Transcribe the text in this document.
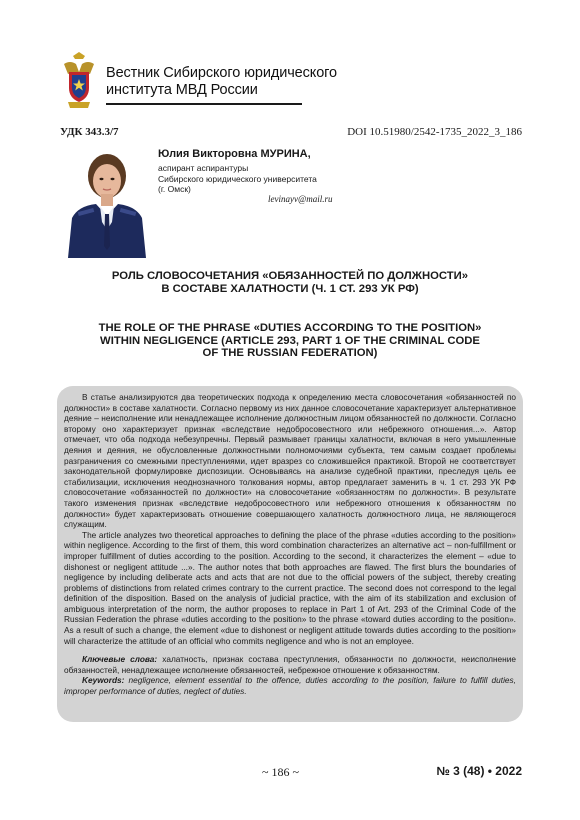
Вестник Сибирского юридического
института МВД России
УДК 343.3/7	DOI 10.51980/2542-1735_2022_3_186
Юлия Викторовна МУРИНА,
аспирант аспирантуры
Сибирского юридического университета
(г. Омск)
levinayv@mail.ru
РОЛЬ СЛОВОСОЧЕТАНИЯ «ОБЯЗАННОСТЕЙ ПО ДОЛЖНОСТИ»
В СОСТАВЕ ХАЛАТНОСТИ (Ч. 1 СТ. 293 УК РФ)
THE ROLE OF THE PHRASE «DUTIES ACCORDING TO THE POSITION»
WITHIN NEGLIGENCE (ARTICLE 293, PART 1 OF THE CRIMINAL CODE
OF THE RUSSIAN FEDERATION)

В статье анализируются два теоретических подхода к определению места словосочетания «обязанностей по должности» в составе халатности. Согласно первому из них данное словосочетание характеризует альтернативное деяние – неисполнение или ненадлежащее исполнение должностным лицом обязанностей по должности. Согласно второму оно характеризует признак «вследствие недобросовестного или небрежного отношения...». Автор отмечает, что оба подхода небезупречны. Первый размывает границы халатности, включая в него умышленные деяния и деяния, не обусловленные должностными полномочиями субъекта, тем самым создает проблемы разграничения со смежными преступлениями, идет вразрез со сложившейся практикой. Второй не соответствует законодательной формулировке диспозиции. Основываясь на анализе судебной практики, преследуя цель ее стабилизации, исключения неоднозначного толкования нормы, автор предлагает заменить в ч. 1 ст. 293 УК РФ словосочетание «обязанностей по должности» на словосочетание «обязанностям по должности». В результате такого изменения признак «вследствие недобросовестного или небрежного отношения к обязанностям по должности» будет характеризовать отношение совершающего халатность должностного лица, не являющегося служащим.

The article analyzes two theoretical approaches to defining the place of the phrase «duties according to the position» within negligence. According to the first of them, this word combination characterizes an alternative act – non-fulfillment or improper fulfillment of duties according to the position. According to the second, it characterizes the element – «due to dishonest or negligent attitude ...». The author notes that both approaches are flawed. The first blurs the boundaries of negligence by including deliberate acts and acts that are not due to the official powers of the subject, thereby creating problems of distinctions from related crimes contrary to the current practice. The second does not correspond to the legal definition of the disposition. Based on the analysis of judicial practice, with the aim of its stabilization and exclusion of ambiguous interpretation of the norm, the author proposes to replace in Part 1 of Art. 293 of the Criminal Code of the Russian Federation the phrase «duties according to the position» to the phrase «toward duties according to the position». As a result of such a change, the element «due to dishonest or negligent attitude towards duties according to the position» will characterize the attitude of an official who commits negligence and who is not an employee.

Ключевые слова: халатность, признак состава преступления, обязанности по должности, неисполнение обязанностей, ненадлежащее исполнение обязанностей, небрежное отношение к обязанностям.

Keywords: negligence, element essential to the offence, duties according to the position, failure to fulfill duties, improper performance of duties, neglect of duties.

~ 186 ~	№ 3 (48) • 2022
